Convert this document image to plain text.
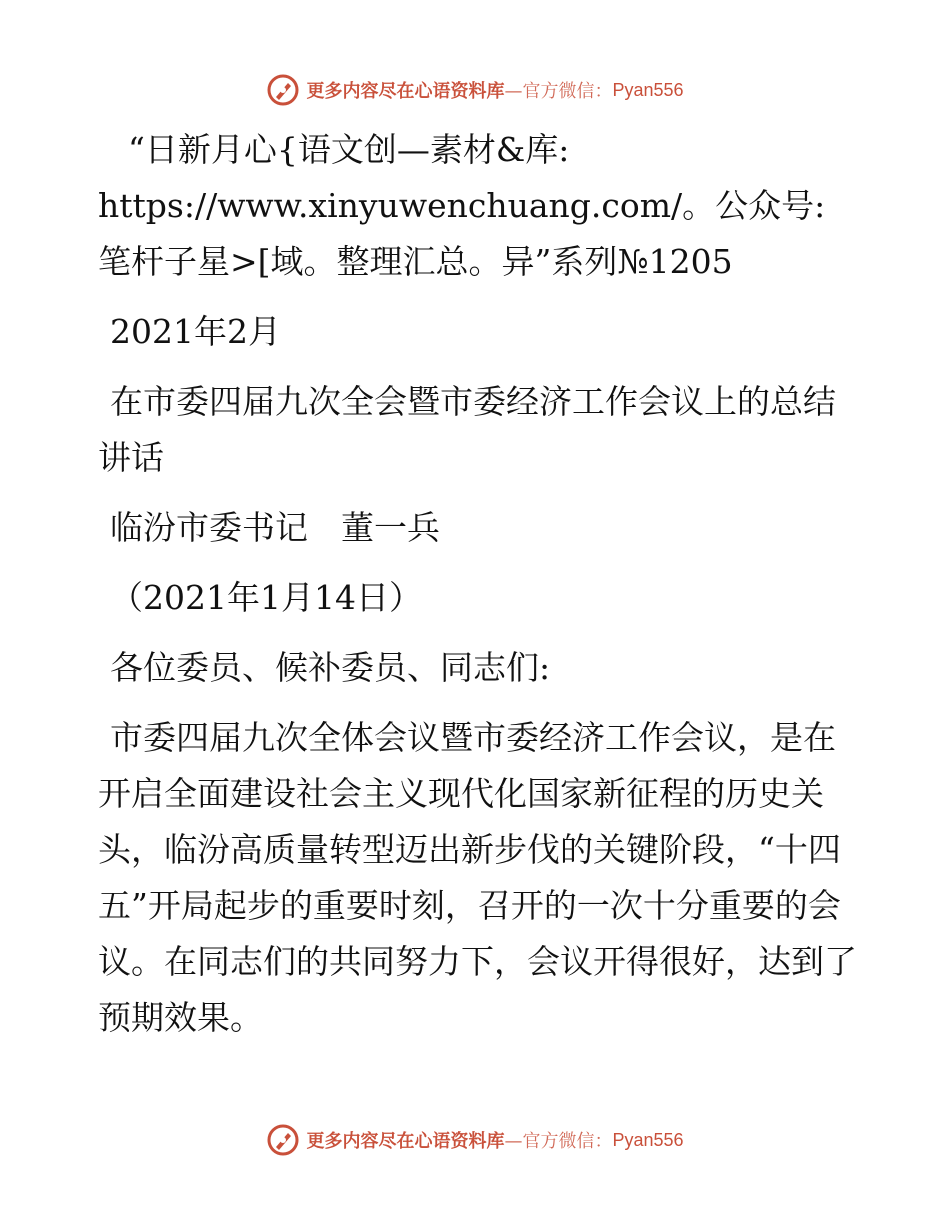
更多内容尽在心语资料库 —官方微信： Pyan556

“日新月心{语文创—素材&库: https://www.xinyuwenchuang.com/。公众号: 笔杆子星>[域。整理汇总。异”系列№1205

2021年2月

在市委四届九次全会暨市委经济工作会议上的总结讲话

临汾市委书记　董一兵

（2021年1月14日）

各位委员、候补委员、同志们:

市委四届九次全体会议暨市委经济工作会议，是在开启全面建设社会主义现代化国家新征程的历史关头，临汾高质量转型迈出新步伐的关键阶段，“十四五”开局起步的重要时刻，召开的一次十分重要的会议。在同志们的共同努力下，会议开得很好，达到了预期效果。

更多内容尽在心语资料库 —官方微信： Pyan556
